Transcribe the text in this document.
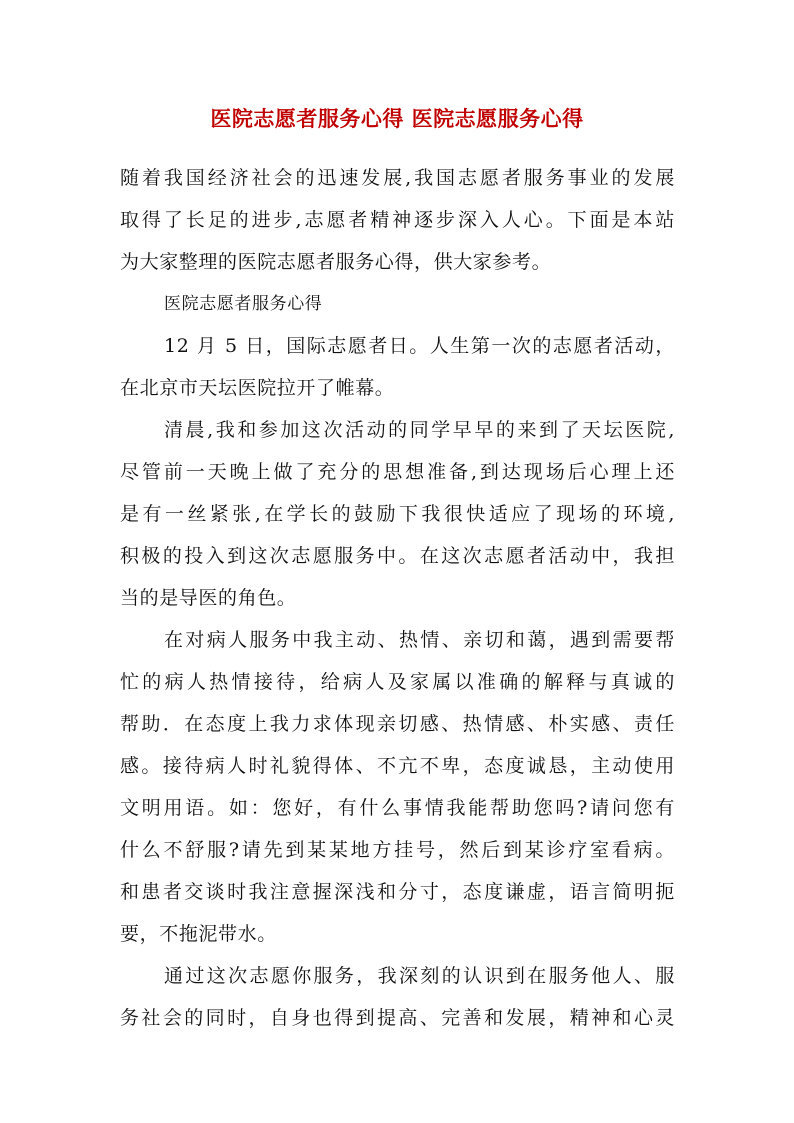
医院志愿者服务心得 医院志愿服务心得
随着我国经济社会的迅速发展,我国志愿者服务事业的发展
取得了长足的进步,志愿者精神逐步深入人心。下面是本站
为大家整理的医院志愿者服务心得，供大家参考。
医院志愿者服务心得
12 月 5 日，国际志愿者日。人生第一次的志愿者活动，
在北京市天坛医院拉开了帷幕。
清晨,我和参加这次活动的同学早早的来到了天坛医院,
尽管前一天晚上做了充分的思想准备,到达现场后心理上还
是有一丝紧张,在学长的鼓励下我很快适应了现场的环境,
积极的投入到这次志愿服务中。在这次志愿者活动中，我担
当的是导医的角色。
在对病人服务中我主动、热情、亲切和蔼，遇到需要帮
忙的病人热情接待，给病人及家属以准确的解释与真诚的
帮助．在态度上我力求体现亲切感、热情感、朴实感、责任
感。接待病人时礼貌得体、不亢不卑，态度诚恳，主动使用
文明用语。如：您好，有什么事情我能帮助您吗?请问您有
什么不舒服?请先到某某地方挂号，然后到某诊疗室看病。
和患者交谈时我注意握深浅和分寸，态度谦虚，语言简明扼
要，不拖泥带水。
通过这次志愿你服务，我深刻的认识到在服务他人、服
务社会的同时，自身也得到提高、完善和发展，精神和心灵
